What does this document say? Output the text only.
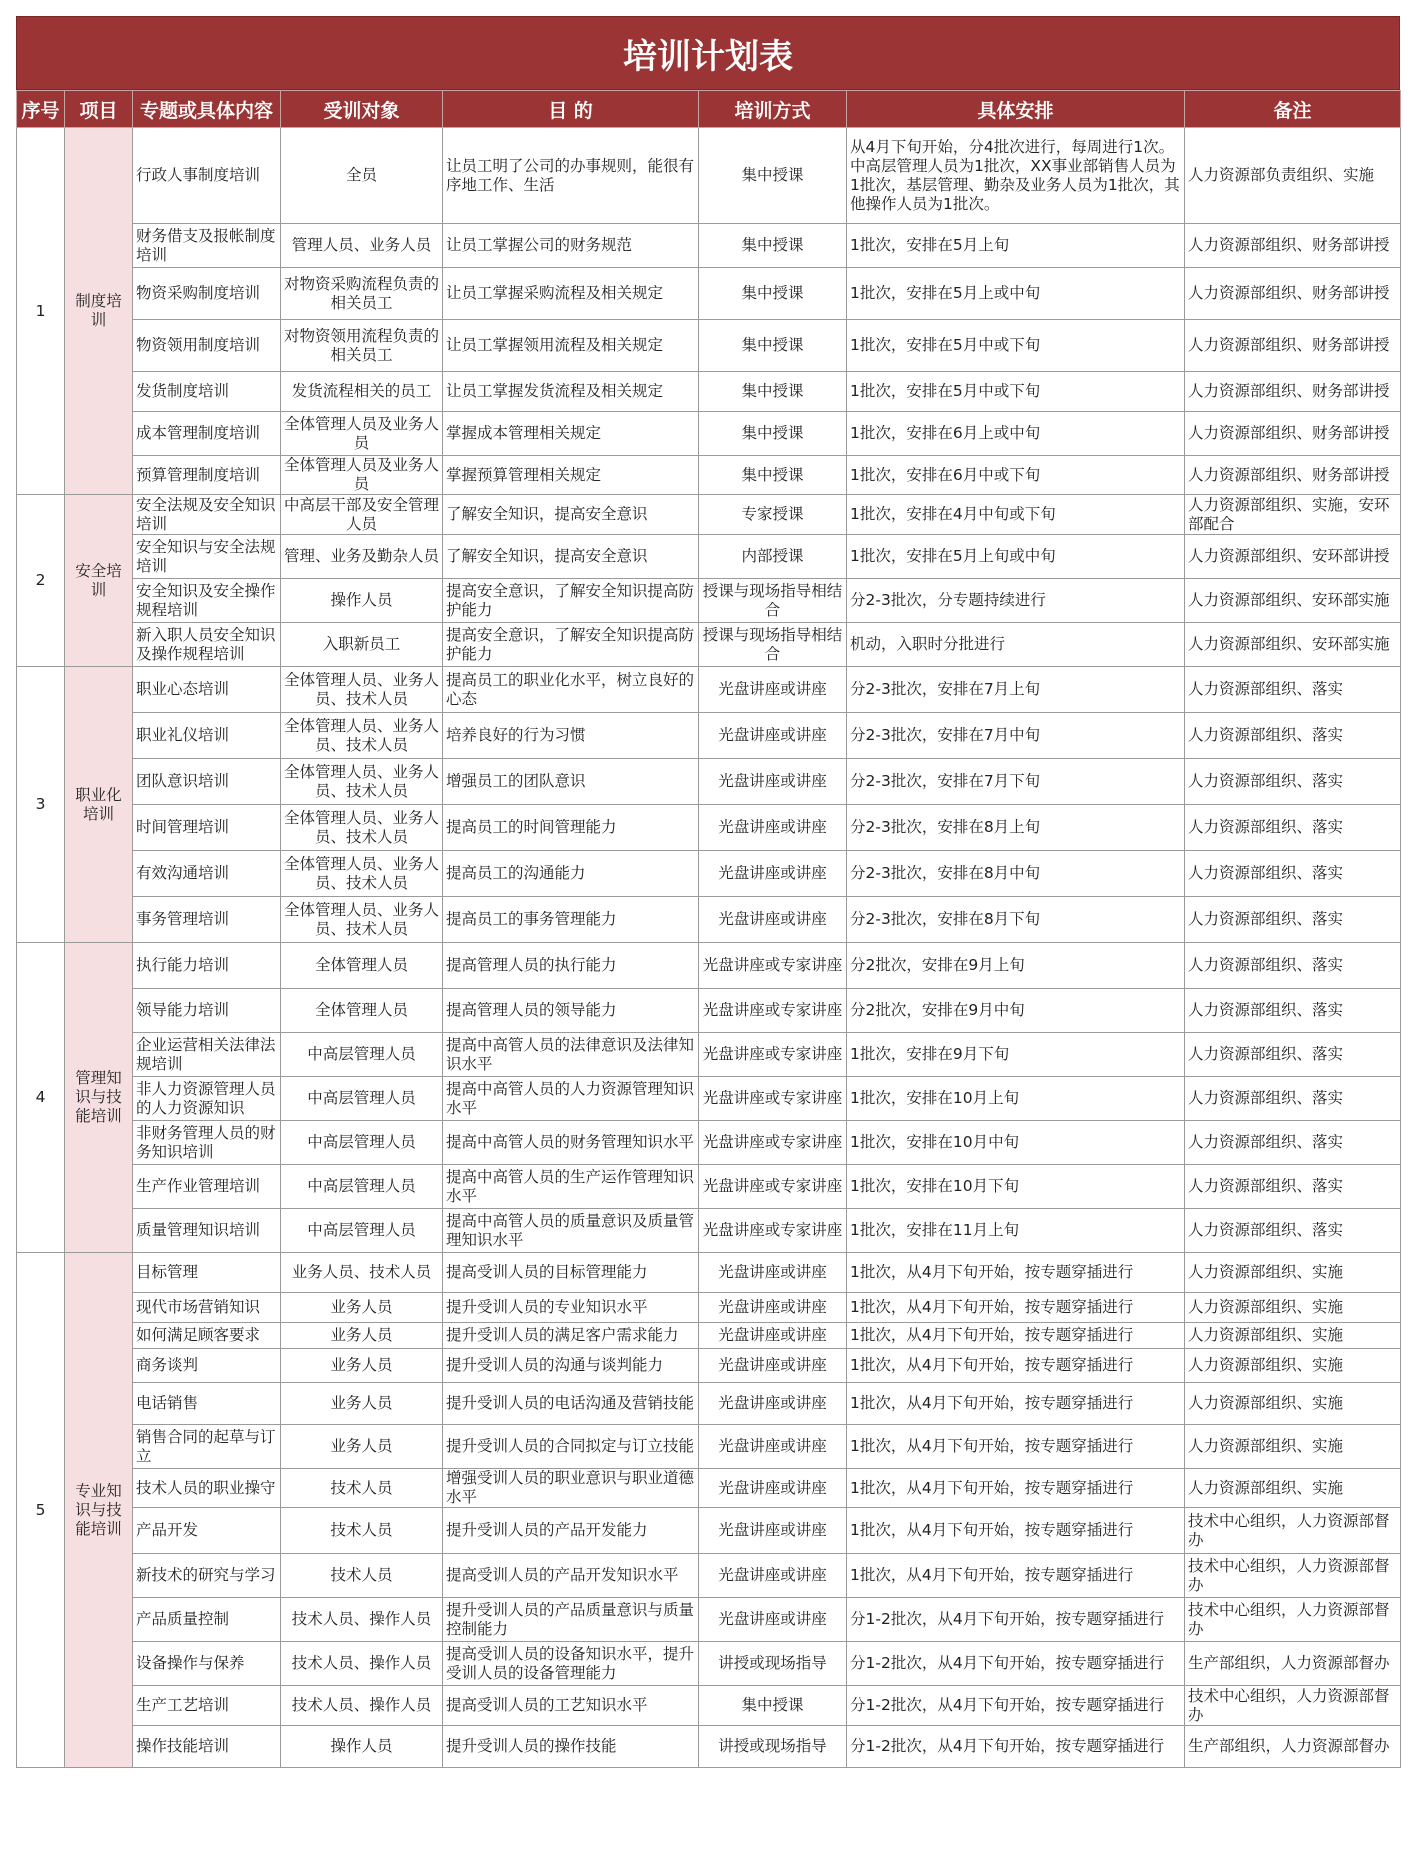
培训计划表
序号	项目	专题或具体内容	受训对象	目 的	培训方式	具体安排	备注
1	制度培训	行政人事制度培训	全员	让员工明了公司的办事规则，能很有序地工作、生活	集中授课	从4月下旬开始，分4批次进行，每周进行1次。中高层管理人员为1批次，XX事业部销售人员为1批次，基层管理、勤杂及业务人员为1批次，其他操作人员为1批次。	人力资源部负责组织、实施
		财务借支及报帐制度培训	管理人员、业务人员	让员工掌握公司的财务规范	集中授课	1批次，安排在5月上旬	人力资源部组织、财务部讲授
		物资采购制度培训	对物资采购流程负责的相关员工	让员工掌握采购流程及相关规定	集中授课	1批次，安排在5月上或中旬	人力资源部组织、财务部讲授
		物资领用制度培训	对物资领用流程负责的相关员工	让员工掌握领用流程及相关规定	集中授课	1批次，安排在5月中或下旬	人力资源部组织、财务部讲授
		发货制度培训	发货流程相关的员工	让员工掌握发货流程及相关规定	集中授课	1批次，安排在5月中或下旬	人力资源部组织、财务部讲授
		成本管理制度培训	全体管理人员及业务人员	掌握成本管理相关规定	集中授课	1批次，安排在6月上或中旬	人力资源部组织、财务部讲授
		预算管理制度培训	全体管理人员及业务人员	掌握预算管理相关规定	集中授课	1批次，安排在6月中或下旬	人力资源部组织、财务部讲授
2	安全培训	安全法规及安全知识培训	中高层干部及安全管理人员	了解安全知识，提高安全意识	专家授课	1批次，安排在4月中旬或下旬	人力资源部组织、实施，安环部配合
		安全知识与安全法规培训	管理、业务及勤杂人员	了解安全知识，提高安全意识	内部授课	1批次，安排在5月上旬或中旬	人力资源部组织、安环部讲授
		安全知识及安全操作规程培训	操作人员	提高安全意识，了解安全知识提高防护能力	授课与现场指导相结合	分2-3批次，分专题持续进行	人力资源部组织、安环部实施
		新入职人员安全知识及操作规程培训	入职新员工	提高安全意识，了解安全知识提高防护能力	授课与现场指导相结合	机动，入职时分批进行	人力资源部组织、安环部实施
3	职业化培训	职业心态培训	全体管理人员、业务人员、技术人员	提高员工的职业化水平，树立良好的心态	光盘讲座或讲座	分2-3批次，安排在7月上旬	人力资源部组织、落实
		职业礼仪培训	全体管理人员、业务人员、技术人员	培养良好的行为习惯	光盘讲座或讲座	分2-3批次，安排在7月中旬	人力资源部组织、落实
		团队意识培训	全体管理人员、业务人员、技术人员	增强员工的团队意识	光盘讲座或讲座	分2-3批次，安排在7月下旬	人力资源部组织、落实
		时间管理培训	全体管理人员、业务人员、技术人员	提高员工的时间管理能力	光盘讲座或讲座	分2-3批次，安排在8月上旬	人力资源部组织、落实
		有效沟通培训	全体管理人员、业务人员、技术人员	提高员工的沟通能力	光盘讲座或讲座	分2-3批次，安排在8月中旬	人力资源部组织、落实
		事务管理培训	全体管理人员、业务人员、技术人员	提高员工的事务管理能力	光盘讲座或讲座	分2-3批次，安排在8月下旬	人力资源部组织、落实
4	管理知识与技能培训	执行能力培训	全体管理人员	提高管理人员的执行能力	光盘讲座或专家讲座	分2批次，安排在9月上旬	人力资源部组织、落实
		领导能力培训	全体管理人员	提高管理人员的领导能力	光盘讲座或专家讲座	分2批次，安排在9月中旬	人力资源部组织、落实
		企业运营相关法律法规培训	中高层管理人员	提高中高管人员的法律意识及法律知识水平	光盘讲座或专家讲座	1批次，安排在9月下旬	人力资源部组织、落实
		非人力资源管理人员的人力资源知识	中高层管理人员	提高中高管人员的人力资源管理知识水平	光盘讲座或专家讲座	1批次，安排在10月上旬	人力资源部组织、落实
		非财务管理人员的财务知识培训	中高层管理人员	提高中高管人员的财务管理知识水平	光盘讲座或专家讲座	1批次，安排在10月中旬	人力资源部组织、落实
		生产作业管理培训	中高层管理人员	提高中高管人员的生产运作管理知识水平	光盘讲座或专家讲座	1批次，安排在10月下旬	人力资源部组织、落实
		质量管理知识培训	中高层管理人员	提高中高管人员的质量意识及质量管理知识水平	光盘讲座或专家讲座	1批次，安排在11月上旬	人力资源部组织、落实
5	专业知识与技能培训	目标管理	业务人员、技术人员	提高受训人员的目标管理能力	光盘讲座或讲座	1批次，从4月下旬开始，按专题穿插进行	人力资源部组织、实施
		现代市场营销知识	业务人员	提升受训人员的专业知识水平	光盘讲座或讲座	1批次，从4月下旬开始，按专题穿插进行	人力资源部组织、实施
		如何满足顾客要求	业务人员	提升受训人员的满足客户需求能力	光盘讲座或讲座	1批次，从4月下旬开始，按专题穿插进行	人力资源部组织、实施
		商务谈判	业务人员	提升受训人员的沟通与谈判能力	光盘讲座或讲座	1批次，从4月下旬开始，按专题穿插进行	人力资源部组织、实施
		电话销售	业务人员	提升受训人员的电话沟通及营销技能	光盘讲座或讲座	1批次，从4月下旬开始，按专题穿插进行	人力资源部组织、实施
		销售合同的起草与订立	业务人员	提升受训人员的合同拟定与订立技能	光盘讲座或讲座	1批次，从4月下旬开始，按专题穿插进行	人力资源部组织、实施
		技术人员的职业操守	技术人员	增强受训人员的职业意识与职业道德水平	光盘讲座或讲座	1批次，从4月下旬开始，按专题穿插进行	人力资源部组织、实施
		产品开发	技术人员	提升受训人员的产品开发能力	光盘讲座或讲座	1批次，从4月下旬开始，按专题穿插进行	技术中心组织，人力资源部督办
		新技术的研究与学习	技术人员	提高受训人员的产品开发知识水平	光盘讲座或讲座	1批次，从4月下旬开始，按专题穿插进行	技术中心组织，人力资源部督办
		产品质量控制	技术人员、操作人员	提升受训人员的产品质量意识与质量控制能力	光盘讲座或讲座	分1-2批次，从4月下旬开始，按专题穿插进行	技术中心组织，人力资源部督办
		设备操作与保养	技术人员、操作人员	提高受训人员的设备知识水平，提升受训人员的设备管理能力	讲授或现场指导	分1-2批次，从4月下旬开始，按专题穿插进行	生产部组织，人力资源部督办
		生产工艺培训	技术人员、操作人员	提高受训人员的工艺知识水平	集中授课	分1-2批次，从4月下旬开始，按专题穿插进行	技术中心组织，人力资源部督办
		操作技能培训	操作人员	提升受训人员的操作技能	讲授或现场指导	分1-2批次，从4月下旬开始，按专题穿插进行	生产部组织，人力资源部督办
